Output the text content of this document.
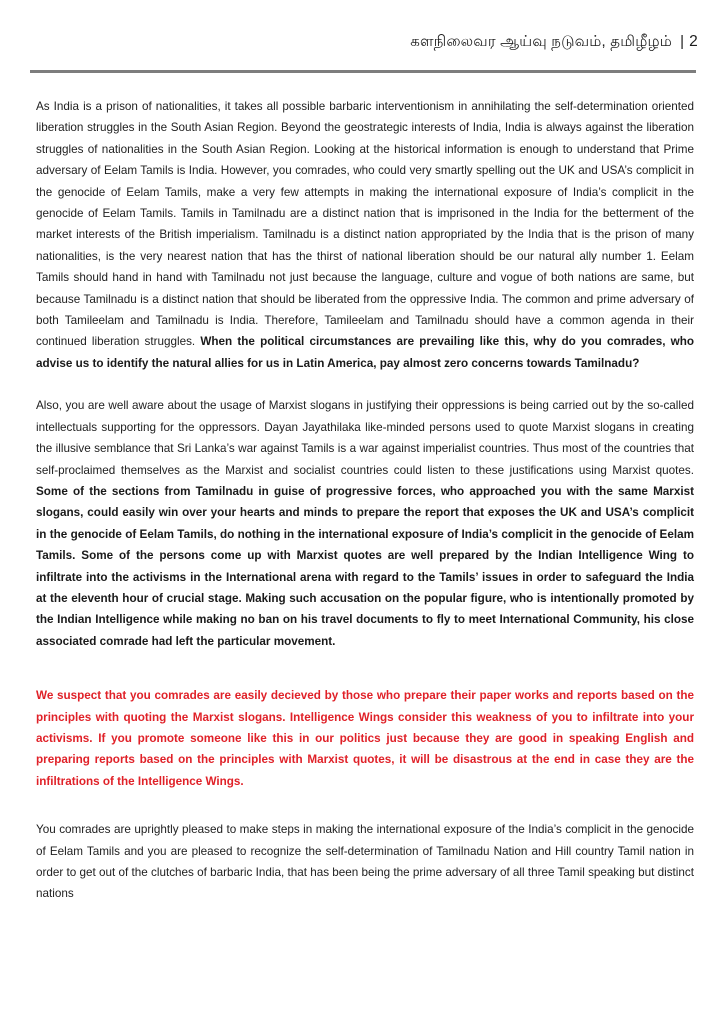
களநிலைவர ஆய்வு நடுவம், தமிழீழம் | 2

As India is a prison of nationalities, it takes all possible barbaric interventionism in annihilating the self-determination oriented liberation struggles in the South Asian Region. Beyond the geostrategic interests of India, India is always against the liberation struggles of nationalities in the South Asian Region. Looking at the historical information is enough to understand that Prime adversary of Eelam Tamils is India. However, you comrades, who could very smartly spelling out the UK and USA’s complicit in the genocide of Eelam Tamils, make a very few attempts in making the international exposure of India’s complicit in the genocide of Eelam Tamils. Tamils in Tamilnadu are a distinct nation that is imprisoned in the India for the betterment of the market interests of the British imperialism. Tamilnadu is a distinct nation appropriated by the India that is the prison of many nationalities, is the very nearest nation that has the thirst of national liberation should be our natural ally number 1. Eelam Tamils should hand in hand with Tamilnadu not just because the language, culture and vogue of both nations are same, but because Tamilnadu is a distinct nation that should be liberated from the oppressive India. The common and prime adversary of both Tamileelam and Tamilnadu is India. Therefore, Tamileelam and Tamilnadu should have a common agenda in their continued liberation struggles. When the political circumstances are prevailing like this, why do you comrades, who advise us to identify the natural allies for us in Latin America, pay almost zero concerns towards Tamilnadu?

Also, you are well aware about the usage of Marxist slogans in justifying their oppressions is being carried out by the so-called intellectuals supporting for the oppressors. Dayan Jayathilaka like-minded persons used to quote Marxist slogans in creating the illusive semblance that Sri Lanka’s war against Tamils is a war against imperialist countries. Thus most of the countries that self-proclaimed themselves as the Marxist and socialist countries could listen to these justifications using Marxist quotes. Some of the sections from Tamilnadu in guise of progressive forces, who approached you with the same Marxist slogans, could easily win over your hearts and minds to prepare the report that exposes the UK and USA’s complicit in the genocide of Eelam Tamils, do nothing in the international exposure of India’s complicit in the genocide of Eelam Tamils. Some of the persons come up with Marxist quotes are well prepared by the Indian Intelligence Wing to infiltrate into the activisms in the International arena with regard to the Tamils’ issues in order to safeguard the India at the eleventh hour of crucial stage. Making such accusation on the popular figure, who is intentionally promoted by the Indian Intelligence while making no ban on his travel documents to fly to meet International Community, his close associated comrade had left the particular movement.

We suspect that you comrades are easily decieved by those who prepare their paper works and reports based on the principles with quoting the Marxist slogans. Intelligence Wings consider this weakness of you to infiltrate into your activisms. If you promote someone like this in our politics just because they are good in speaking English and preparing reports based on the principles with Marxist quotes, it will be disastrous at the end in case they are the infiltrations of the Intelligence Wings.

You comrades are uprightly pleased to make steps in making the international exposure of the India’s complicit in the genocide of Eelam Tamils and you are pleased to recognize the self-determination of Tamilnadu Nation and Hill country Tamil nation in order to get out of the clutches of barbaric India, that has been being the prime adversary of all three Tamil speaking but distinct nations
